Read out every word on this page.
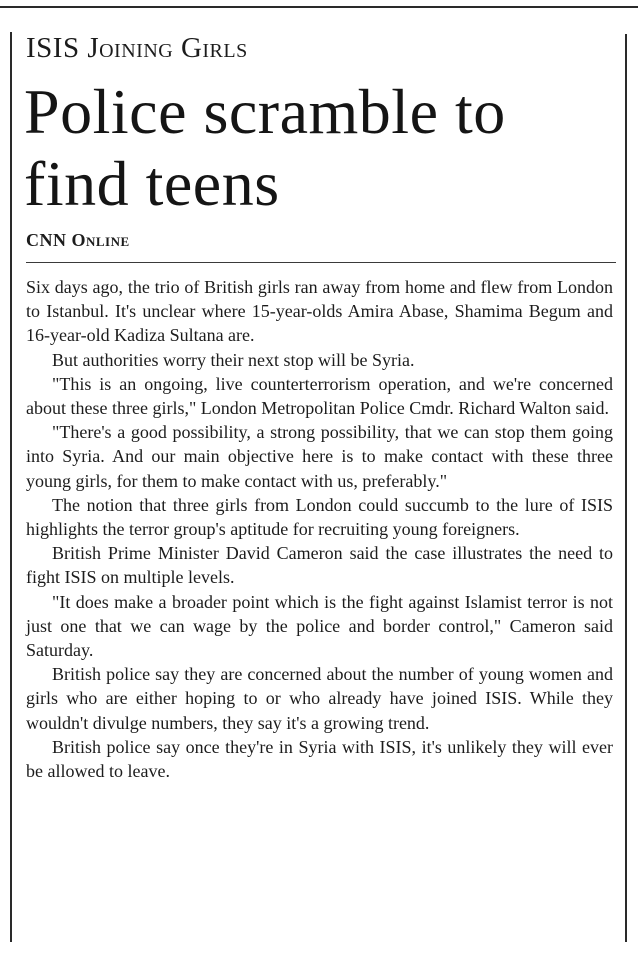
ISIS Joining Girls
Police scramble to find teens
CNN Online

Six days ago, the trio of British girls ran away from home and flew from London to Istanbul. It's unclear where 15-year-olds Amira Abase, Shamima Begum and 16-year-old Kadiza Sultana are.

But authorities worry their next stop will be Syria.

"This is an ongoing, live counterterrorism operation, and we're concerned about these three girls," London Metropolitan Police Cmdr. Richard Walton said.

"There's a good possibility, a strong possibility, that we can stop them going into Syria. And our main objective here is to make contact with these three young girls, for them to make contact with us, preferably."

The notion that three girls from London could succumb to the lure of ISIS highlights the terror group's aptitude for recruiting young foreigners.

British Prime Minister David Cameron said the case illustrates the need to fight ISIS on multiple levels.

"It does make a broader point which is the fight against Islamist terror is not just one that we can wage by the police and border control," Cameron said Saturday.

British police say they are concerned about the number of young women and girls who are either hoping to or who already have joined ISIS. While they wouldn't divulge numbers, they say it's a growing trend.

British police say once they're in Syria with ISIS, it's unlikely they will ever be allowed to leave.
